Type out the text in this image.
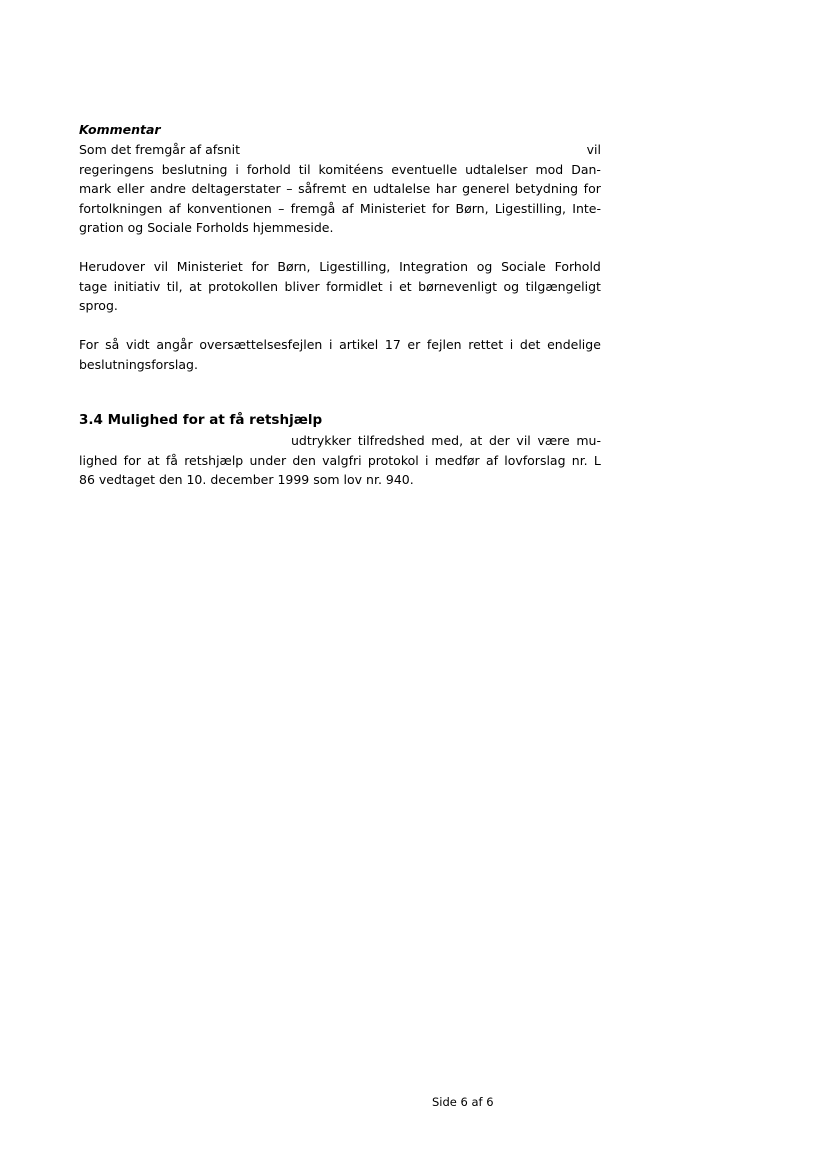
Kommentar
Som det fremgår af afsnit	vil
regeringens beslutning i forhold til komitéens eventuelle udtalelser mod Dan-
mark eller andre deltagerstater – såfremt en udtalelse har generel betydning for
fortolkningen af konventionen – fremgå af Ministeriet for Børn, Ligestilling, Inte-
gration og Sociale Forholds hjemmeside.
Herudover vil Ministeriet for Børn, Ligestilling, Integration og Sociale Forhold
tage initiativ til, at protokollen bliver formidlet i et børnevenligt og tilgængeligt
sprog.
For så vidt angår oversættelsesfejlen i artikel 17 er fejlen rettet i det endelige
beslutningsforslag.
3.4 Mulighed for at få retshjælp
udtrykker tilfredshed med, at der vil være mu-
lighed for at få retshjælp under den valgfri protokol i medfør af lovforslag nr. L
86 vedtaget den 10. december 1999 som lov nr. 940.
Side 6 af 6
